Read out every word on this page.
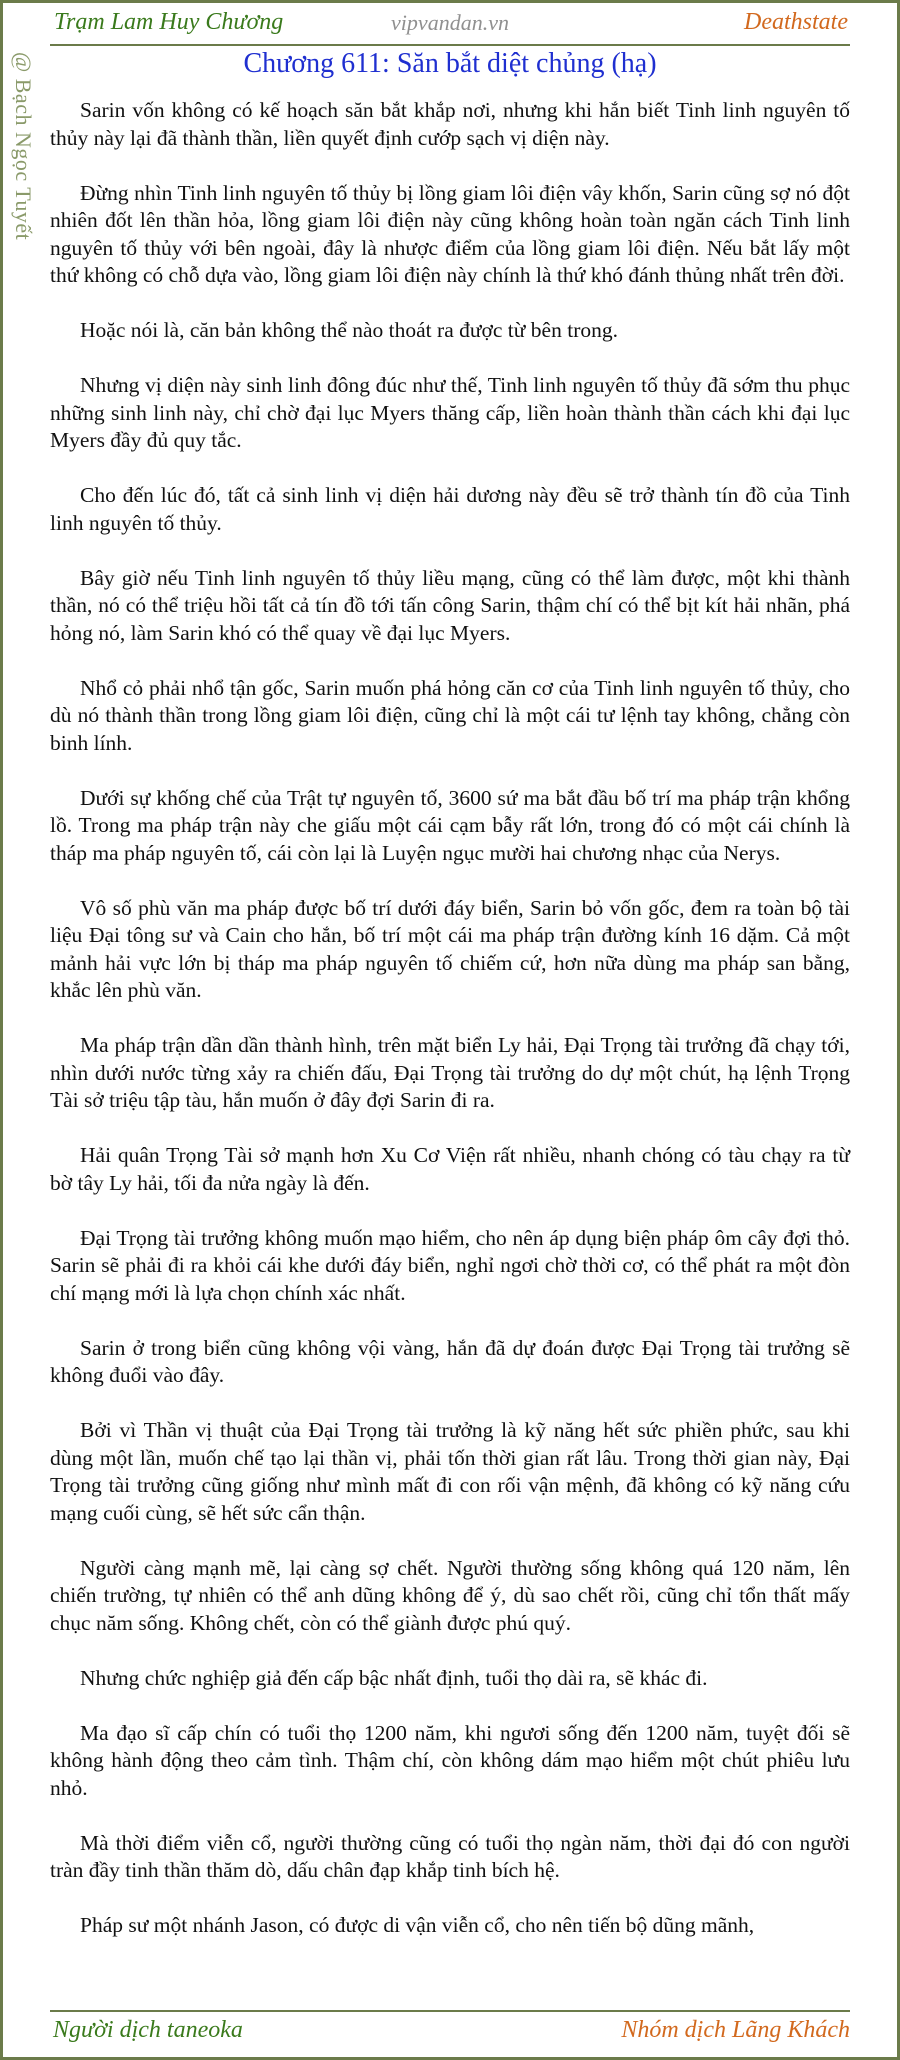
Trạm Lam Huy Chương	vipvandan.vn	Deathstate
@ Bạch Ngọc Tuyết	Chương 611: Săn bắt diệt chủng (hạ)

Sarin vốn không có kế hoạch săn bắt khắp nơi, nhưng khi hắn biết Tinh linh nguyên tố thủy này lại đã thành thần, liền quyết định cướp sạch vị diện này.

Đừng nhìn Tinh linh nguyên tố thủy bị lồng giam lôi điện vây khốn, Sarin cũng sợ nó đột nhiên đốt lên thần hỏa, lồng giam lôi điện này cũng không hoàn toàn ngăn cách Tinh linh nguyên tố thủy với bên ngoài, đây là nhược điểm của lồng giam lôi điện. Nếu bắt lấy một thứ không có chỗ dựa vào, lồng giam lôi điện này chính là thứ khó đánh thủng nhất trên đời.

Hoặc nói là, căn bản không thể nào thoát ra được từ bên trong.

Nhưng vị diện này sinh linh đông đúc như thế, Tinh linh nguyên tố thủy đã sớm thu phục những sinh linh này, chỉ chờ đại lục Myers thăng cấp, liền hoàn thành thần cách khi đại lục Myers đầy đủ quy tắc.

Cho đến lúc đó, tất cả sinh linh vị diện hải dương này đều sẽ trở thành tín đồ của Tinh linh nguyên tố thủy.

Bây giờ nếu Tinh linh nguyên tố thủy liều mạng, cũng có thể làm được, một khi thành thần, nó có thể triệu hồi tất cả tín đồ tới tấn công Sarin, thậm chí có thể bịt kít hải nhãn, phá hỏng nó, làm Sarin khó có thể quay về đại lục Myers.

Nhổ cỏ phải nhổ tận gốc, Sarin muốn phá hỏng căn cơ của Tinh linh nguyên tố thủy, cho dù nó thành thần trong lồng giam lôi điện, cũng chỉ là một cái tư lệnh tay không, chẳng còn binh lính.

Dưới sự khống chế của Trật tự nguyên tố, 3600 sứ ma bắt đầu bố trí ma pháp trận khổng lồ. Trong ma pháp trận này che giấu một cái cạm bẫy rất lớn, trong đó có một cái chính là tháp ma pháp nguyên tố, cái còn lại là Luyện ngục mười hai chương nhạc của Nerys.

Vô số phù văn ma pháp được bố trí dưới đáy biển, Sarin bỏ vốn gốc, đem ra toàn bộ tài liệu Đại tông sư và Cain cho hắn, bố trí một cái ma pháp trận đường kính 16 dặm. Cả một mảnh hải vực lớn bị tháp ma pháp nguyên tố chiếm cứ, hơn nữa dùng ma pháp san bằng, khắc lên phù văn.

Ma pháp trận dần dần thành hình, trên mặt biển Ly hải, Đại Trọng tài trưởng đã chạy tới, nhìn dưới nước từng xảy ra chiến đấu, Đại Trọng tài trưởng do dự một chút, hạ lệnh Trọng Tài sở triệu tập tàu, hắn muốn ở đây đợi Sarin đi ra.

Hải quân Trọng Tài sở mạnh hơn Xu Cơ Viện rất nhiều, nhanh chóng có tàu chạy ra từ bờ tây Ly hải, tối đa nửa ngày là đến.

Đại Trọng tài trưởng không muốn mạo hiểm, cho nên áp dụng biện pháp ôm cây đợi thỏ. Sarin sẽ phải đi ra khỏi cái khe dưới đáy biển, nghỉ ngơi chờ thời cơ, có thể phát ra một đòn chí mạng mới là lựa chọn chính xác nhất.

Sarin ở trong biển cũng không vội vàng, hắn đã dự đoán được Đại Trọng tài trưởng sẽ không đuổi vào đây.

Bởi vì Thần vị thuật của Đại Trọng tài trưởng là kỹ năng hết sức phiền phức, sau khi dùng một lần, muốn chế tạo lại thần vị, phải tốn thời gian rất lâu. Trong thời gian này, Đại Trọng tài trưởng cũng giống như mình mất đi con rối vận mệnh, đã không có kỹ năng cứu mạng cuối cùng, sẽ hết sức cẩn thận.

Người càng mạnh mẽ, lại càng sợ chết. Người thường sống không quá 120 năm, lên chiến trường, tự nhiên có thể anh dũng không để ý, dù sao chết rồi, cũng chỉ tổn thất mấy chục năm sống. Không chết, còn có thể giành được phú quý.

Nhưng chức nghiệp giả đến cấp bậc nhất định, tuổi thọ dài ra, sẽ khác đi.

Ma đạo sĩ cấp chín có tuổi thọ 1200 năm, khi ngươi sống đến 1200 năm, tuyệt đối sẽ không hành động theo cảm tình. Thậm chí, còn không dám mạo hiểm một chút phiêu lưu nhỏ.

Mà thời điểm viễn cổ, người thường cũng có tuổi thọ ngàn năm, thời đại đó con người tràn đầy tinh thần thăm dò, dấu chân đạp khắp tinh bích hệ.

Pháp sư một nhánh Jason, có được di vận viễn cổ, cho nên tiến bộ dũng mãnh,

Người dịch taneoka	Nhóm dịch Lãng Khách
